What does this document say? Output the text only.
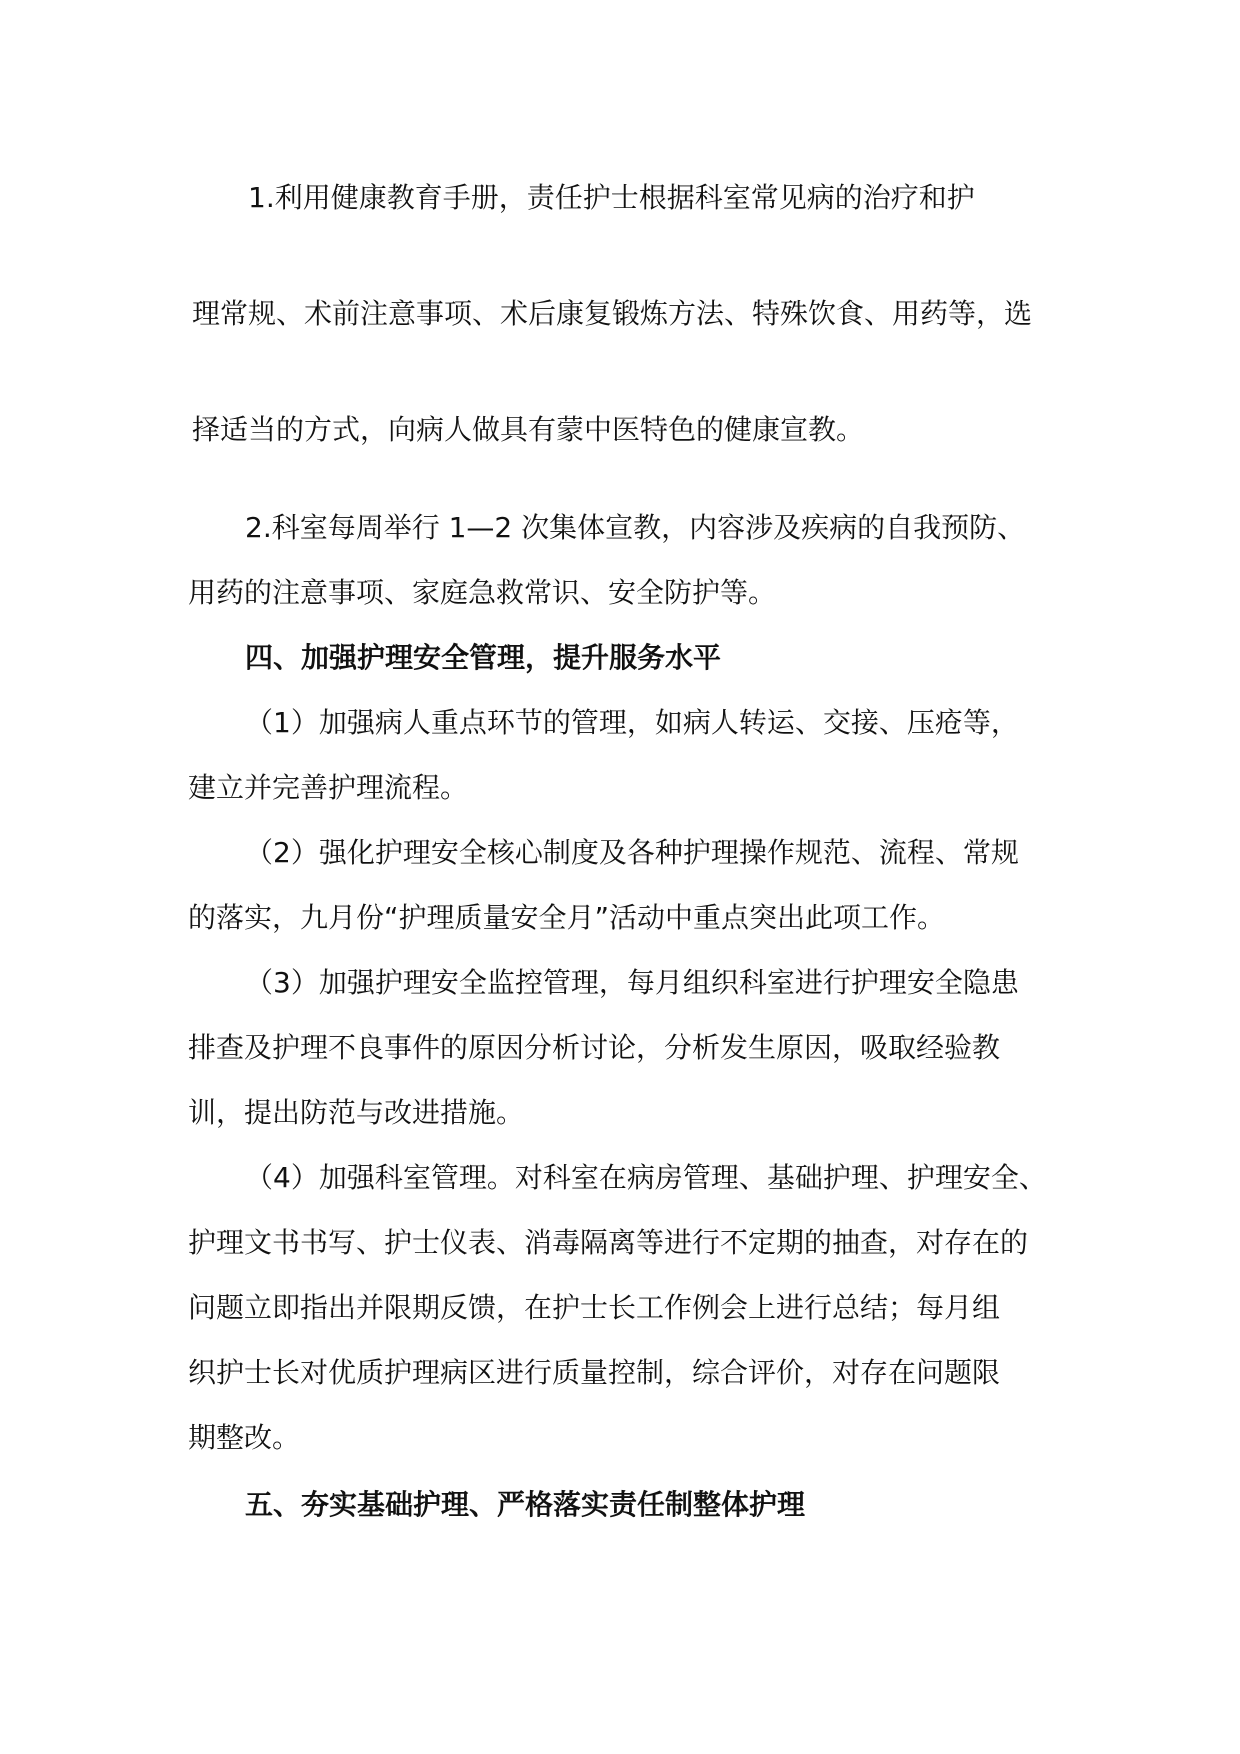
1.利用健康教育手册，责任护士根据科室常见病的治疗和护
理常规、术前注意事项、术后康复锻炼方法、特殊饮食、用药等，选
择适当的方式，向病人做具有蒙中医特色的健康宣教。
2.科室每周举行 1—2 次集体宣教，内容涉及疾病的自我预防、
用药的注意事项、家庭急救常识、安全防护等。
四、加强护理安全管理，提升服务水平
（1）加强病人重点环节的管理，如病人转运、交接、压疮等，
建立并完善护理流程。
（2）强化护理安全核心制度及各种护理操作规范、流程、常规
的落实，九月份“护理质量安全月”活动中重点突出此项工作。
（3）加强护理安全监控管理，每月组织科室进行护理安全隐患
排查及护理不良事件的原因分析讨论，分析发生原因，吸取经验教
训，提出防范与改进措施。
（4）加强科室管理。对科室在病房管理、基础护理、护理安全、
护理文书书写、护士仪表、消毒隔离等进行不定期的抽查，对存在的
问题立即指出并限期反馈，在护士长工作例会上进行总结；每月组
织护士长对优质护理病区进行质量控制，综合评价，对存在问题限
期整改。
五、夯实基础护理、严格落实责任制整体护理
